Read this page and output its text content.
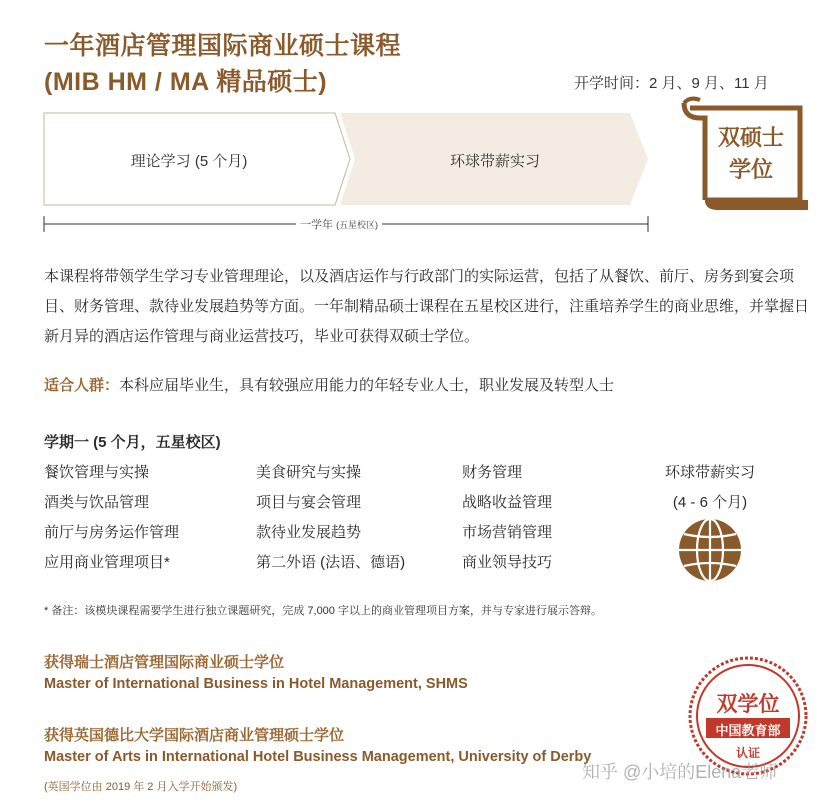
一年酒店管理国际商业硕士课程
(MIB HM / MA 精品硕士)	开学时间：2 月、9 月、11 月
理论学习 (5 个月)	环球带薪实习
双硕士
学位
一学年 (五星校区)
本课程将带领学生学习专业管理理论，以及酒店运作与行政部门的实际运营，包括了从餐饮、前厅、房务到宴会项目、财务管理、款待业发展趋势等方面。一年制精品硕士课程在五星校区进行，注重培养学生的商业思维，并掌握日新月异的酒店运作管理与商业运营技巧，毕业可获得双硕士学位。
适合人群：本科应届毕业生，具有较强应用能力的年轻专业人士，职业发展及转型人士
学期一 (5 个月，五星校区)
餐饮管理与实操
酒类与饮品管理
前厅与房务运作管理
应用商业管理项目*
美食研究与实操
项目与宴会管理
款待业发展趋势
第二外语 (法语、德语)
财务管理
战略收益管理
市场营销管理
商业领导技巧
环球带薪实习
(4 - 6 个月)
* 备注：该模块课程需要学生进行独立课题研究，完成 7,000 字以上的商业管理项目方案，并与专家进行展示答辩。
获得瑞士酒店管理国际商业硕士学位
Master of International Business in Hotel Management, SHMS
获得英国德比大学国际酒店商业管理硕士学位
Master of Arts in International Hotel Business Management, University of Derby
(英国学位由 2019 年 2 月入学开始颁发)
双学位
中国教育部
认证
知乎 @小培的Elena老师
